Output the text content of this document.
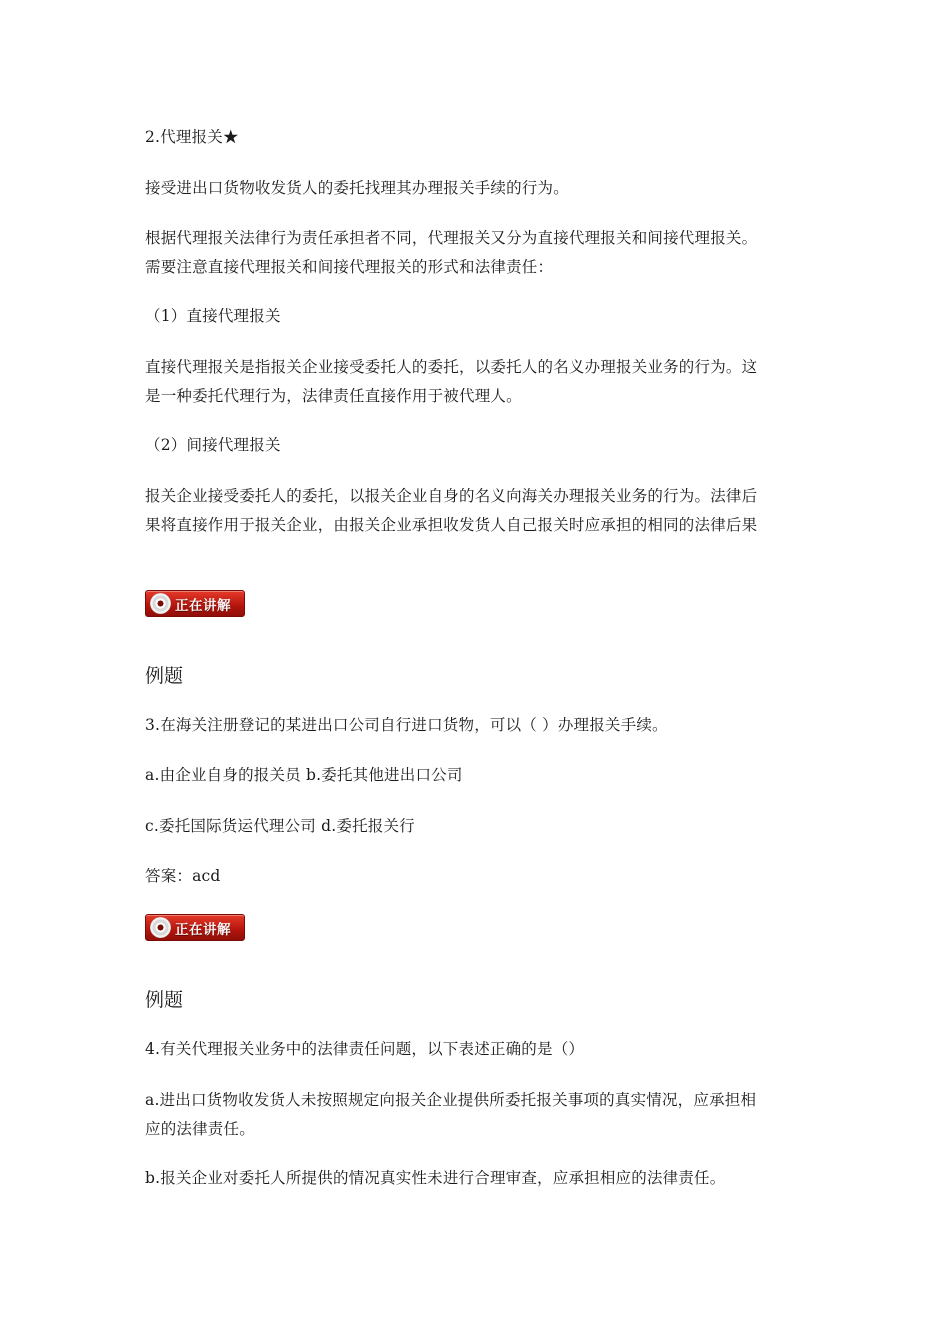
2.代理报关★

接受进出口货物收发货人的委托找理其办理报关手续的行为。

根据代理报关法律行为责任承担者不同，代理报关又分为直接代理报关和间接代理报关。

需要注意直接代理报关和间接代理报关的形式和法律责任：

（1）直接代理报关

直接代理报关是指报关企业接受委托人的委托，以委托人的名义办理报关业务的行为。这

是一种委托代理行为，法律责任直接作用于被代理人。

（2）间接代理报关

报关企业接受委托人的委托，以报关企业自身的名义向海关办理报关业务的行为。法律后

果将直接作用于报关企业，由报关企业承担收发货人自己报关时应承担的相同的法律后果

正在讲解

例题

3.在海关注册登记的某进出口公司自行进口货物，可以（ ）办理报关手续。

a.由企业自身的报关员 b.委托其他进出口公司

c.委托国际货运代理公司 d.委托报关行

答案：acd

正在讲解

例题

4.有关代理报关业务中的法律责任问题，以下表述正确的是（）

a.进出口货物收发货人未按照规定向报关企业提供所委托报关事项的真实情况，应承担相

应的法律责任。

b.报关企业对委托人所提供的情况真实性未进行合理审查，应承担相应的法律责任。
